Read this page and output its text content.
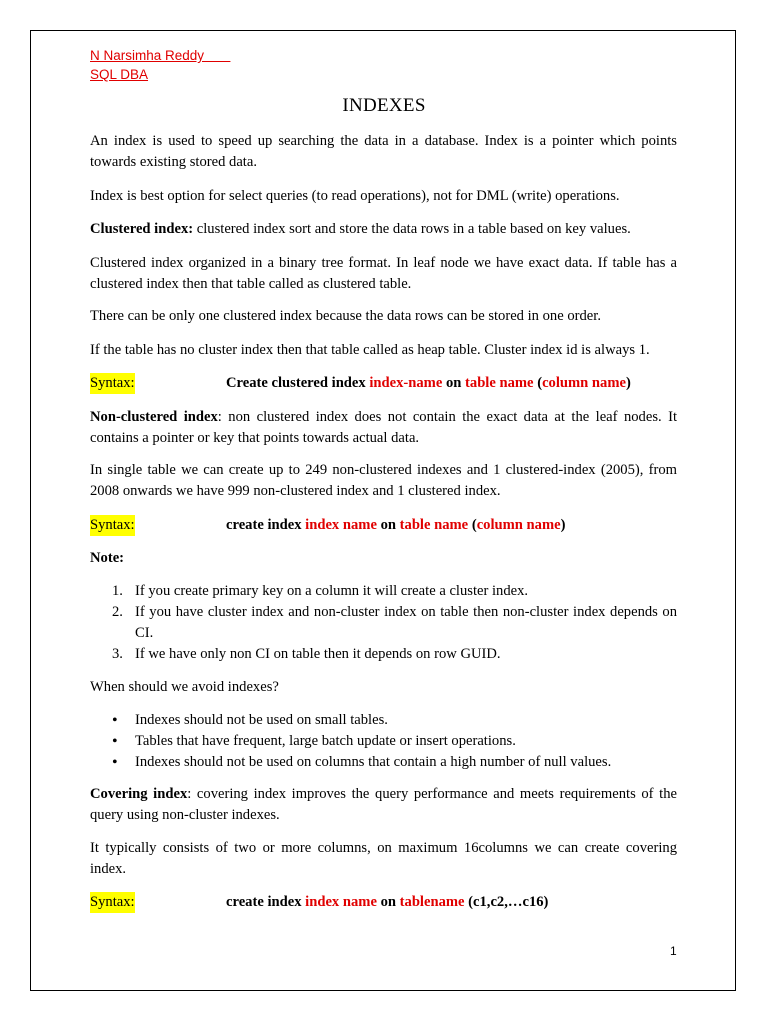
N Narsimha Reddy
SQL DBA
INDEXES
An index is used to speed up searching the data in a database. Index is a pointer which points towards existing stored data.
Index is best option for select queries (to read operations), not for DML (write) operations.
Clustered index: clustered index sort and store the data rows in a table based on key values.
Clustered index organized in a binary tree format. In leaf node we have exact data. If table has a clustered index then that table called as clustered table.
There can be only one clustered index because the data rows can be stored in one order.
If the table has no cluster index then that table called as heap table. Cluster index id is always 1.
Syntax:	Create clustered index index-name on table name (column name)
Non-clustered index: non clustered index does not contain the exact data at the leaf nodes. It contains a pointer or key that points towards actual data.
In single table we can create up to 249 non-clustered indexes and 1 clustered-index (2005), from 2008 onwards we have 999 non-clustered index and 1 clustered index.
Syntax:	create index index name on table name (column name)
Note:
1. If you create primary key on a column it will create a cluster index.
2. If you have cluster index and non-cluster index on table then non-cluster index depends on CI.
3. If we have only non CI on table then it depends on row GUID.
When should we avoid indexes?
• Indexes should not be used on small tables.
• Tables that have frequent, large batch update or insert operations.
• Indexes should not be used on columns that contain a high number of null values.
Covering index: covering index improves the query performance and meets requirements of the query using non-cluster indexes.
It typically consists of two or more columns, on maximum 16columns we can create covering index.
Syntax:	create index index name on tablename (c1,c2,…c16)
1
